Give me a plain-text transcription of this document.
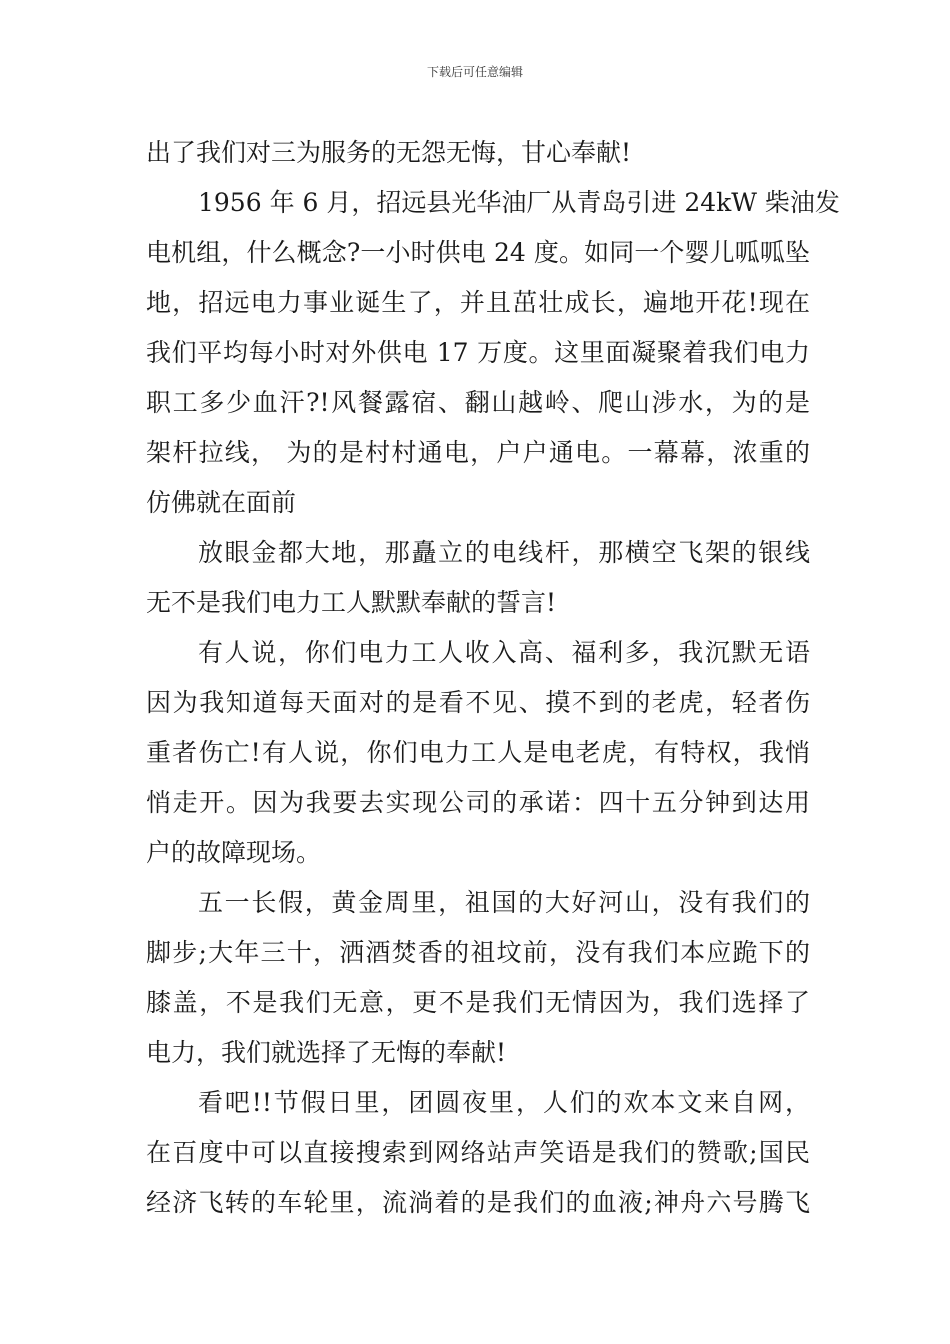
下载后可任意编辑
出了我们对三为服务的无怨无悔，甘心奉献!
1956 年 6 月，招远县光华油厂从青岛引进 24kW 柴油发
电机组，什么概念?一小时供电 24 度。如同一个婴儿呱呱坠
地，招远电力事业诞生了，并且茁壮成长，遍地开花!现在
我们平均每小时对外供电 17 万度。这里面凝聚着我们电力
职工多少血汗?!风餐露宿、翻山越岭、爬山涉水，为的是
架杆拉线， 为的是村村通电，户户通电。一幕幕，浓重的
仿佛就在面前
放眼金都大地，那矗立的电线杆，那横空飞架的银线
无不是我们电力工人默默奉献的誓言!
有人说，你们电力工人收入高、福利多，我沉默无语
因为我知道每天面对的是看不见、摸不到的老虎，轻者伤
重者伤亡!有人说，你们电力工人是电老虎，有特权，我悄
悄走开。因为我要去实现公司的承诺：四十五分钟到达用
户的故障现场。
五一长假，黄金周里，祖国的大好河山，没有我们的
脚步;大年三十，洒酒焚香的祖坟前，没有我们本应跪下的
膝盖，不是我们无意，更不是我们无情因为，我们选择了
电力，我们就选择了无悔的奉献!
看吧!!节假日里，团圆夜里，人们的欢本文来自网，
在百度中可以直接搜索到网络站声笑语是我们的赞歌;国民
经济飞转的车轮里，流淌着的是我们的血液;神舟六号腾飞
